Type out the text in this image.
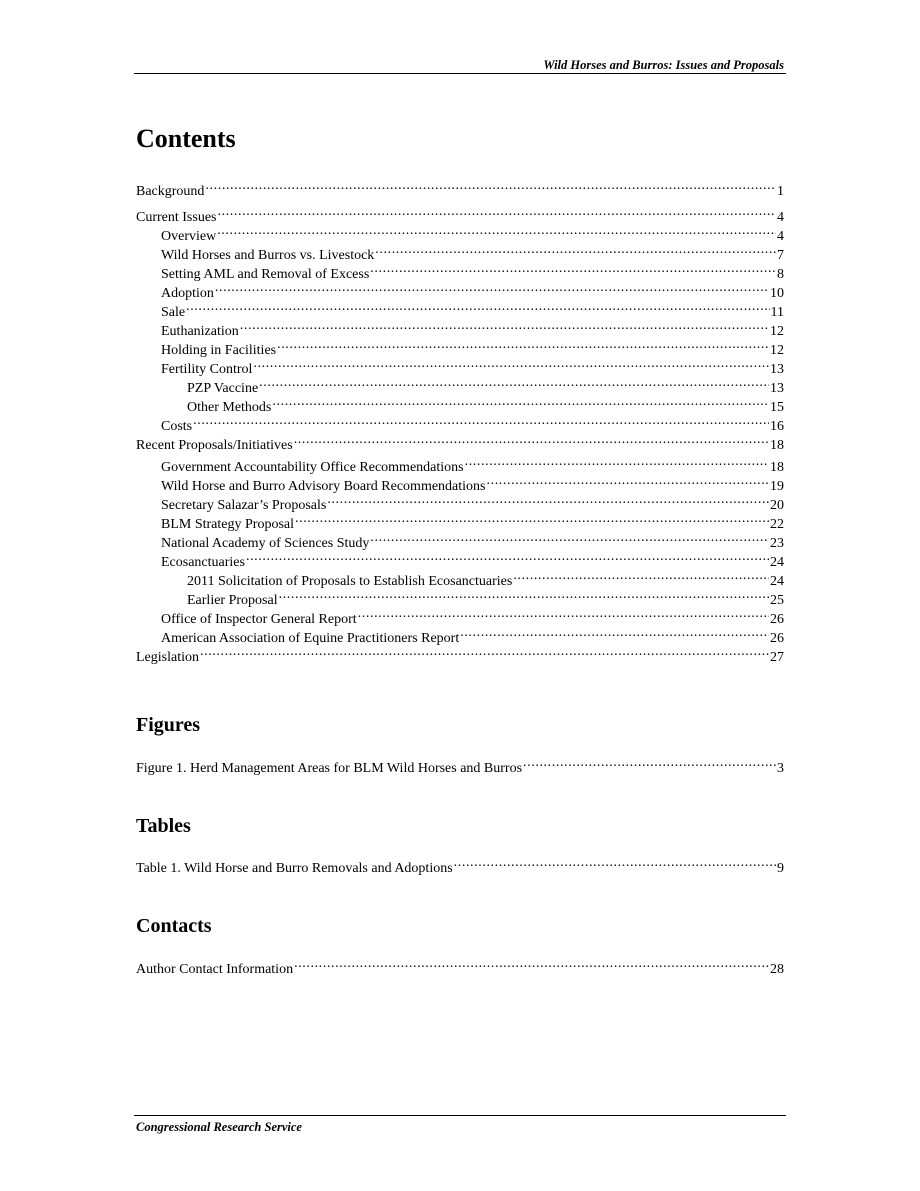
Wild Horses and Burros: Issues and Proposals
Contents
Background .....	1
Current Issues .....	4
Overview .....	4
Wild Horses and Burros vs. Livestock .....	7
Setting AML and Removal of Excess .....	8
Adoption .....	10
Sale .....	11
Euthanization .....	12
Holding in Facilities .....	12
Fertility Control .....	13
PZP Vaccine .....	13
Other Methods .....	15
Costs .....	16
Recent Proposals/Initiatives .....	18
Government Accountability Office Recommendations .....	18
Wild Horse and Burro Advisory Board Recommendations .....	19
Secretary Salazar’s Proposals .....	20
BLM Strategy Proposal .....	22
National Academy of Sciences Study .....	23
Ecosanctuaries .....	24
2011 Solicitation of Proposals to Establish Ecosanctuaries .....	24
Earlier Proposal .....	25
Office of Inspector General Report .....	26
American Association of Equine Practitioners Report .....	26
Legislation .....	27
Figures
Figure 1. Herd Management Areas for BLM Wild Horses and Burros .....	3
Tables
Table 1. Wild Horse and Burro Removals and Adoptions .....	9
Contacts
Author Contact Information .....	28
Congressional Research Service
